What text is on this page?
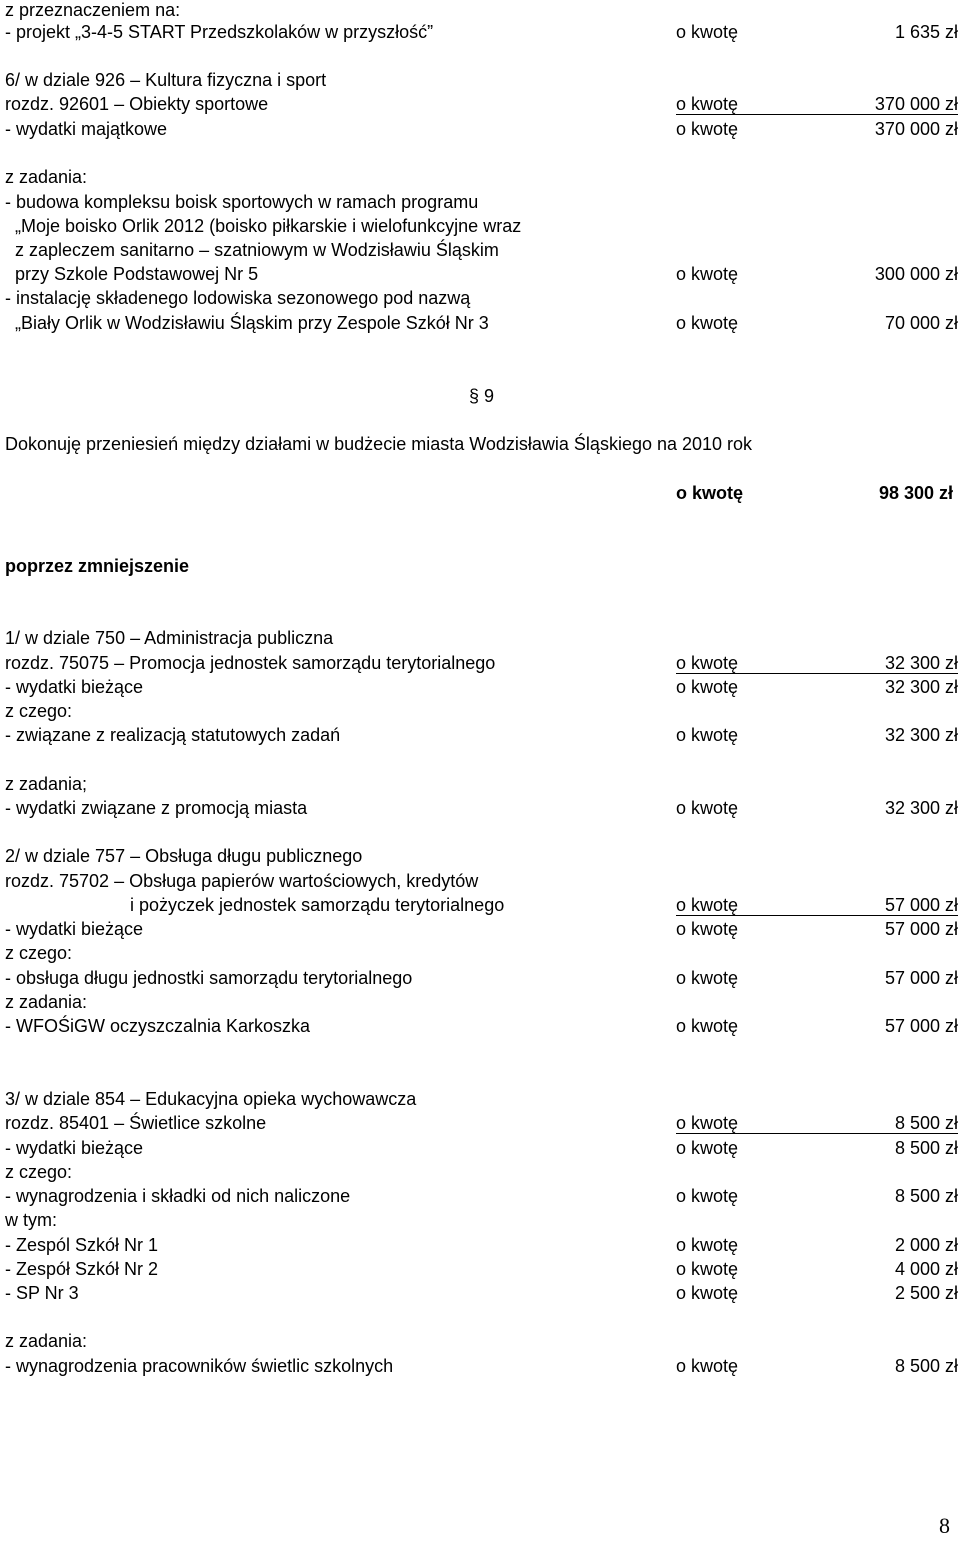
z przeznaczeniem na:
- projekt „3-4-5 START Przedszkolaków w przyszłość”	o kwotę	1 635 zł
6/ w dziale 926 – Kultura fizyczna i sport
rozdz. 92601 – Obiekty sportowe	o kwotę	370 000 zł
- wydatki majątkowe	o kwotę	370 000 zł
z zadania:
- budowa kompleksu boisk sportowych w ramach programu
„Moje boisko Orlik 2012 (boisko piłkarskie i wielofunkcyjne wraz
z zapleczem sanitarno – szatniowym w Wodzisławiu Śląskim
przy Szkole Podstawowej Nr 5	o kwotę	300 000 zł
- instalację składenego lodowiska sezonowego pod nazwą
„Biały Orlik w Wodzisławiu Śląskim przy Zespole Szkół Nr 3	o kwotę	70 000 zł
Dokonuję przeniesień między działami w budżecie miasta Wodzisławia Śląskiego na 2010 rok
o kwotę	98 300 zł
poprzez zmniejszenie
1/ w dziale 750 – Administracja publiczna
rozdz. 75075 – Promocja jednostek samorządu terytorialnego	o kwotę	32 300 zł
- wydatki bieżące	o kwotę	32 300 zł
z czego:
- związane z realizacją statutowych zadań	o kwotę	32 300 zł
z zadania;
- wydatki związane z promocją miasta	o kwotę	32 300 zł
2/ w dziale 757 – Obsługa długu publicznego
rozdz. 75702 – Obsługa papierów wartościowych, kredytów
i pożyczek jednostek samorządu terytorialnego	o kwotę	57 000 zł
- wydatki bieżące	o kwotę	57 000 zł
z czego:
- obsługa długu jednostki samorządu terytorialnego	o kwotę	57 000 zł
z zadania:
- WFOŚiGW oczyszczalnia Karkoszka	o kwotę	57 000 zł
3/ w dziale 854 – Edukacyjna opieka wychowawcza
rozdz. 85401 – Świetlice szkolne	o kwotę	8 500 zł
- wydatki bieżące	o kwotę	8 500 zł
z czego:
- wynagrodzenia i składki od nich naliczone	o kwotę	8 500 zł
w tym:
- Zespól Szkół Nr 1	o kwotę	2 000 zł
- Zespół Szkół Nr 2	o kwotę	4 000 zł
- SP Nr 3	o kwotę	2 500 zł
z zadania:
- wynagrodzenia pracowników świetlic szkolnych	o kwotę	8 500 zł
§ 9
8
